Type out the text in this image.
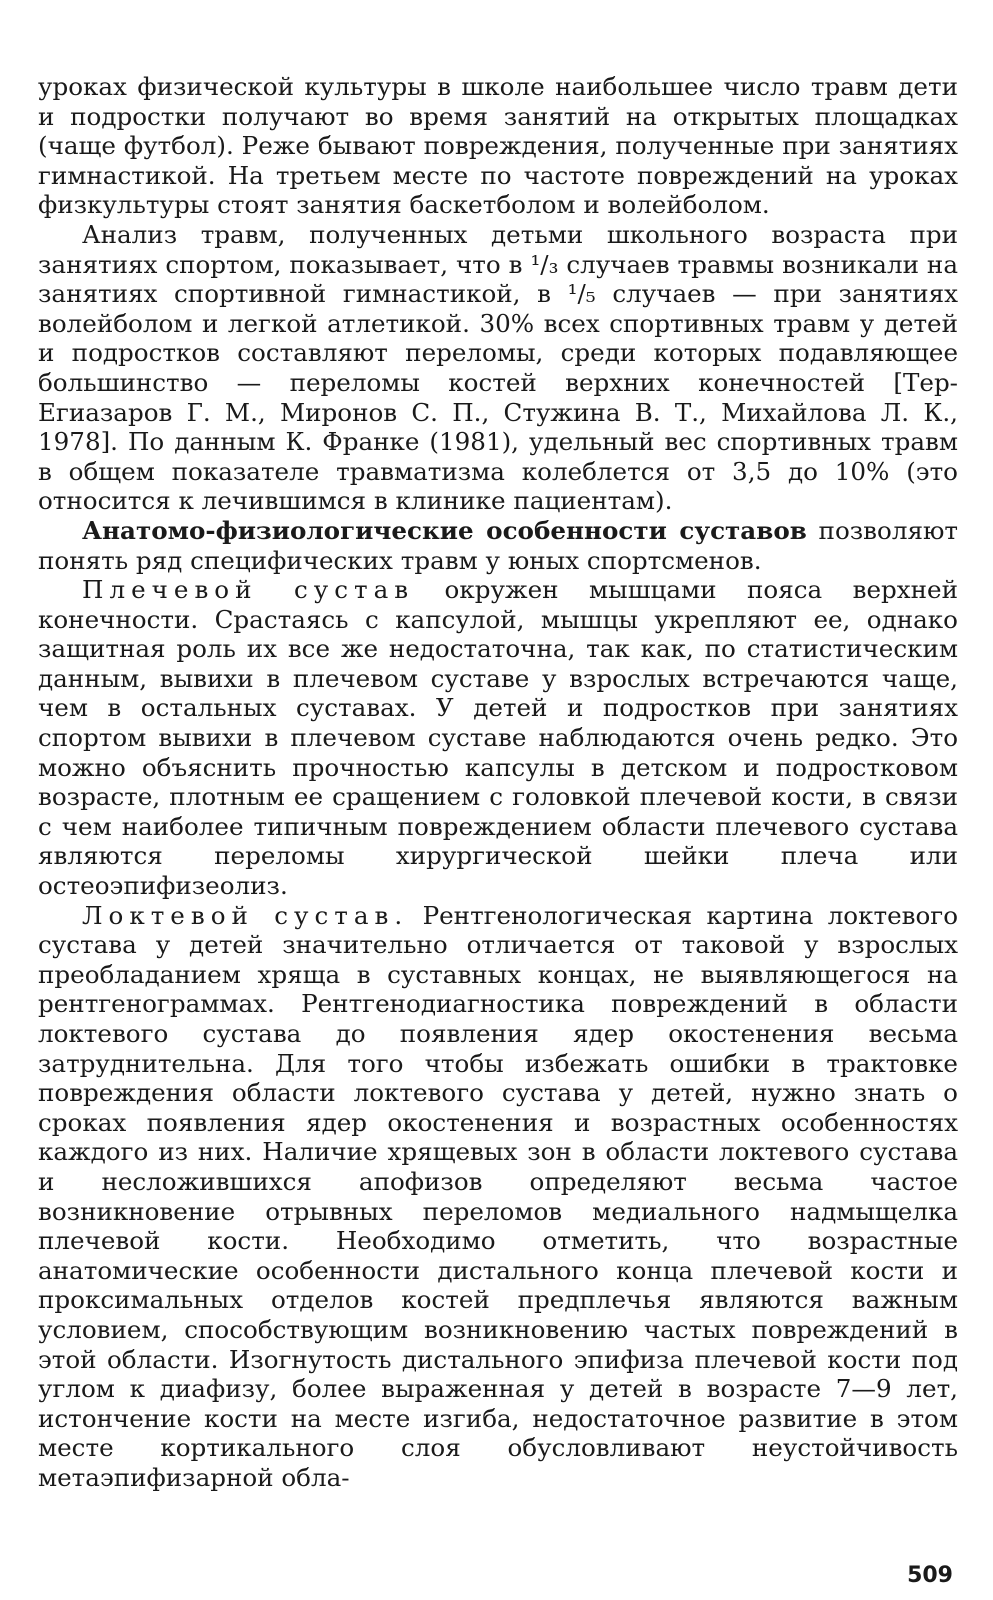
уроках физической культуры в школе наибольшее число травм дети и подростки получают во время занятий на открытых площадках (чаще футбол). Реже бывают повреждения, полученные при занятиях гимнастикой. На третьем месте по частоте повреждений на уроках физкультуры стоят занятия баскетболом и волейболом.

Анализ травм, полученных детьми школьного возраста при занятиях спортом, показывает, что в ¹/₃ случаев травмы возникали на занятиях спортивной гимнастикой, в ¹/₅ случаев — при занятиях волейболом и легкой атлетикой. 30% всех спортивных травм у детей и подростков составляют переломы, среди которых подавляющее большинство — переломы костей верхних конечностей [Тер-Егиазаров Г. М., Миронов С. П., Стужина В. Т., Михайлова Л. К., 1978]. По данным К. Франке (1981), удельный вес спортивных травм в общем показателе травматизма колеблется от 3,5 до 10% (это относится к лечившимся в клинике пациентам).

Анатомо-физиологические особенности суставов позволяют понять ряд специфических травм у юных спортсменов.

Плечевой сустав окружен мышцами пояса верхней конечности. Срастаясь с капсулой, мышцы укрепляют ее, однако защитная роль их все же недостаточна, так как, по статистическим данным, вывихи в плечевом суставе у взрослых встречаются чаще, чем в остальных суставах. У детей и подростков при занятиях спортом вывихи в плечевом суставе наблюдаются очень редко. Это можно объяснить прочностью капсулы в детском и подростковом возрасте, плотным ее сращением с головкой плечевой кости, в связи с чем наиболее типичным повреждением области плечевого сустава являются переломы хирургической шейки плеча или остеоэпифизеолиз.

Локтевой сустав. Рентгенологическая картина локтевого сустава у детей значительно отличается от таковой у взрослых преобладанием хряща в суставных концах, не выявляющегося на рентгенограммах. Рентгенодиагностика повреждений в области локтевого сустава до появления ядер окостенения весьма затруднительна. Для того чтобы избежать ошибки в трактовке повреждения области локтевого сустава у детей, нужно знать о сроках появления ядер окостенения и возрастных особенностях каждого из них. Наличие хрящевых зон в области локтевого сустава и несложившихся апофизов определяют весьма частое возникновение отрывных переломов медиального надмыщелка плечевой кости. Необходимо отметить, что возрастные анатомические особенности дистального конца плечевой кости и проксимальных отделов костей предплечья являются важным условием, способствующим возникновению частых повреждений в этой области. Изогнутость дистального эпифиза плечевой кости под углом к диафизу, более выраженная у детей в возрасте 7—9 лет, истончение кости на месте изгиба, недостаточное развитие в этом месте кортикального слоя обусловливают неустойчивость метаэпифизарной обла-

509
